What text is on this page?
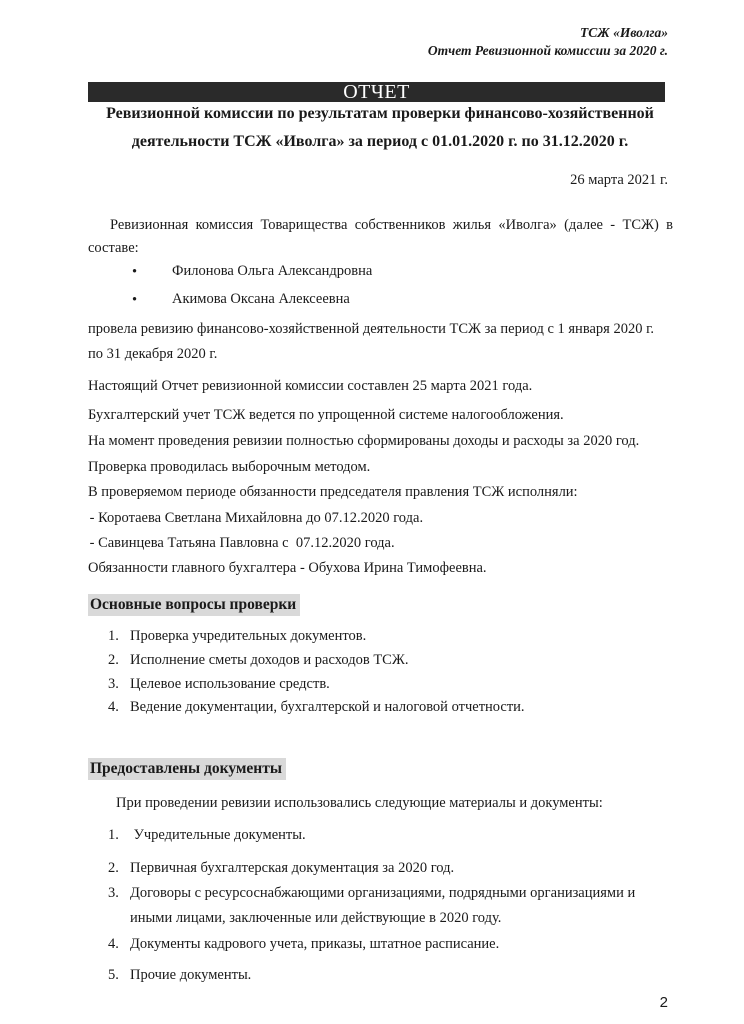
ТСЖ «Иволга»
Отчет Ревизионной комиссии за 2020 г.
ОТЧЕТ
Ревизионной комиссии по результатам проверки финансово-хозяйственной
деятельности ТСЖ «Иволга» за период с 01.01.2020 г. по 31.12.2020 г.
26 марта 2021 г.
Ревизионная комиссия Товарищества собственников жилья «Иволга» (далее - ТСЖ) в составе:
• Филонова Ольга Александровна
• Акимова Оксана Алексеевна
провела ревизию финансово-хозяйственной деятельности ТСЖ за период с 1 января 2020 г.
по 31 декабря 2020 г.
Настоящий Отчет ревизионной комиссии составлен 25 марта 2021 года.
Бухгалтерский учет ТСЖ ведется по упрощенной системе налогообложения.
На момент проведения ревизии полностью сформированы доходы и расходы за 2020 год.
Проверка проводилась выборочным методом.
В проверяемом периоде обязанности председателя правления ТСЖ исполняли:
- Коротаева Светлана Михайловна до 07.12.2020 года.
- Савинцева Татьяна Павловна с  07.12.2020 года.
Обязанности главного бухгалтера - Обухова Ирина Тимофеевна.
Основные вопросы проверки
1. Проверка учредительных документов.
2. Исполнение сметы доходов и расходов ТСЖ.
3. Целевое использование средств.
4. Ведение документации, бухгалтерской и налоговой отчетности.
Предоставлены документы
При проведении ревизии использовались следующие материалы и документы:
1. Учредительные документы.
2. Первичная бухгалтерская документация за 2020 год.
3. Договоры с ресурсоснабжающими организациями, подрядными организациями и
иными лицами, заключенные или действующие в 2020 году.
4. Документы кадрового учета, приказы, штатное расписание.
5. Прочие документы.
2
